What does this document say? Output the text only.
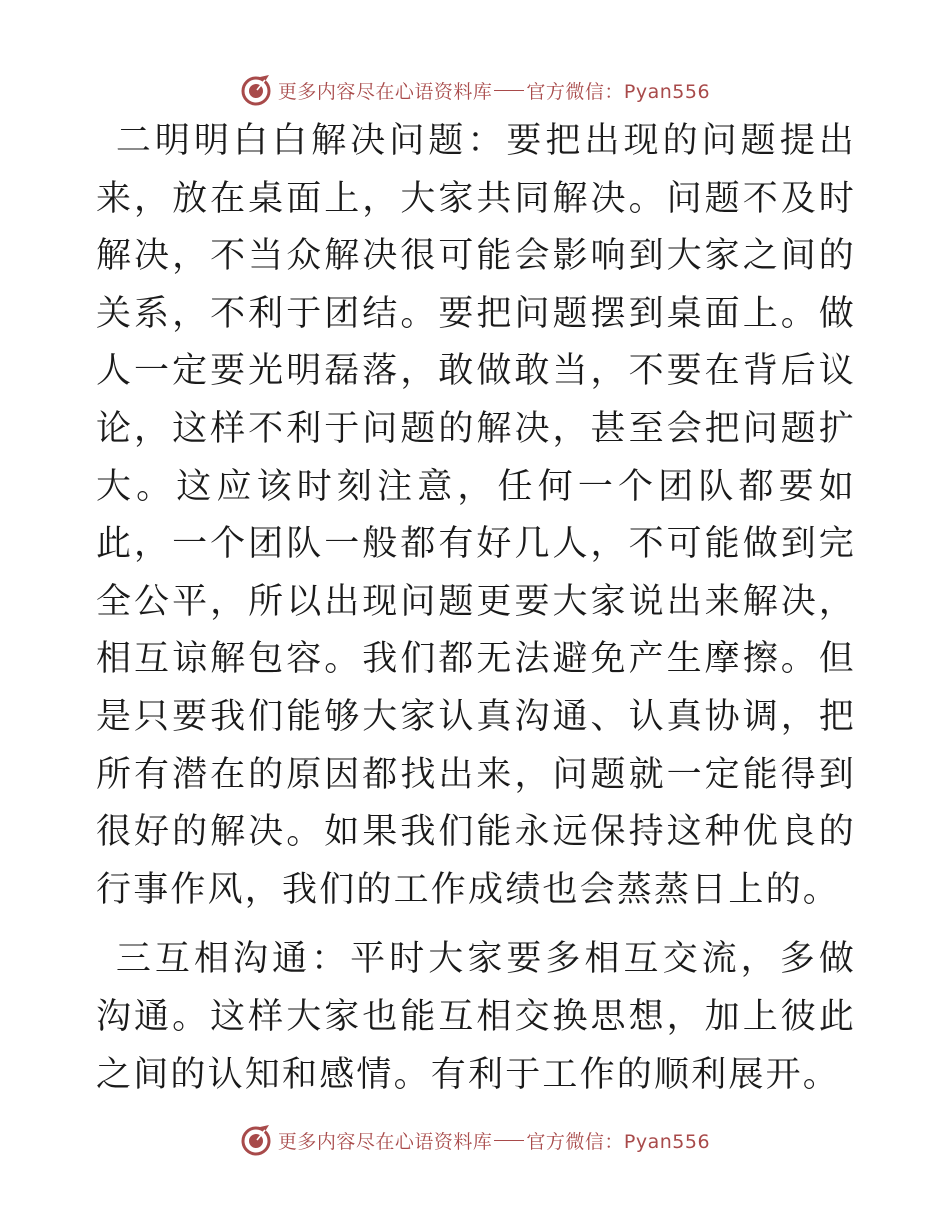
更多内容尽在心语资料库 官方微信：Pyan556

二明明白白解决问题：要把出现的问题提出来，放在桌面上，大家共同解决。问题不及时解决，不当众解决很可能会影响到大家之间的关系，不利于团结。要把问题摆到桌面上。做人一定要光明磊落，敢做敢当，不要在背后议论，这样不利于问题的解决，甚至会把问题扩大。这应该时刻注意，任何一个团队都要如此，一个团队一般都有好几人，不可能做到完全公平，所以出现问题更要大家说出来解决，相互谅解包容。我们都无法避免产生摩擦。但是只要我们能够大家认真沟通、认真协调，把所有潜在的原因都找出来，问题就一定能得到很好的解决。如果我们能永远保持这种优良的行事作风，我们的工作成绩也会蒸蒸日上的。

三互相沟通：平时大家要多相互交流，多做沟通。这样大家也能互相交换思想，加上彼此之间的认知和感情。有利于工作的顺利展开。

更多内容尽在心语资料库 官方微信：Pyan556
